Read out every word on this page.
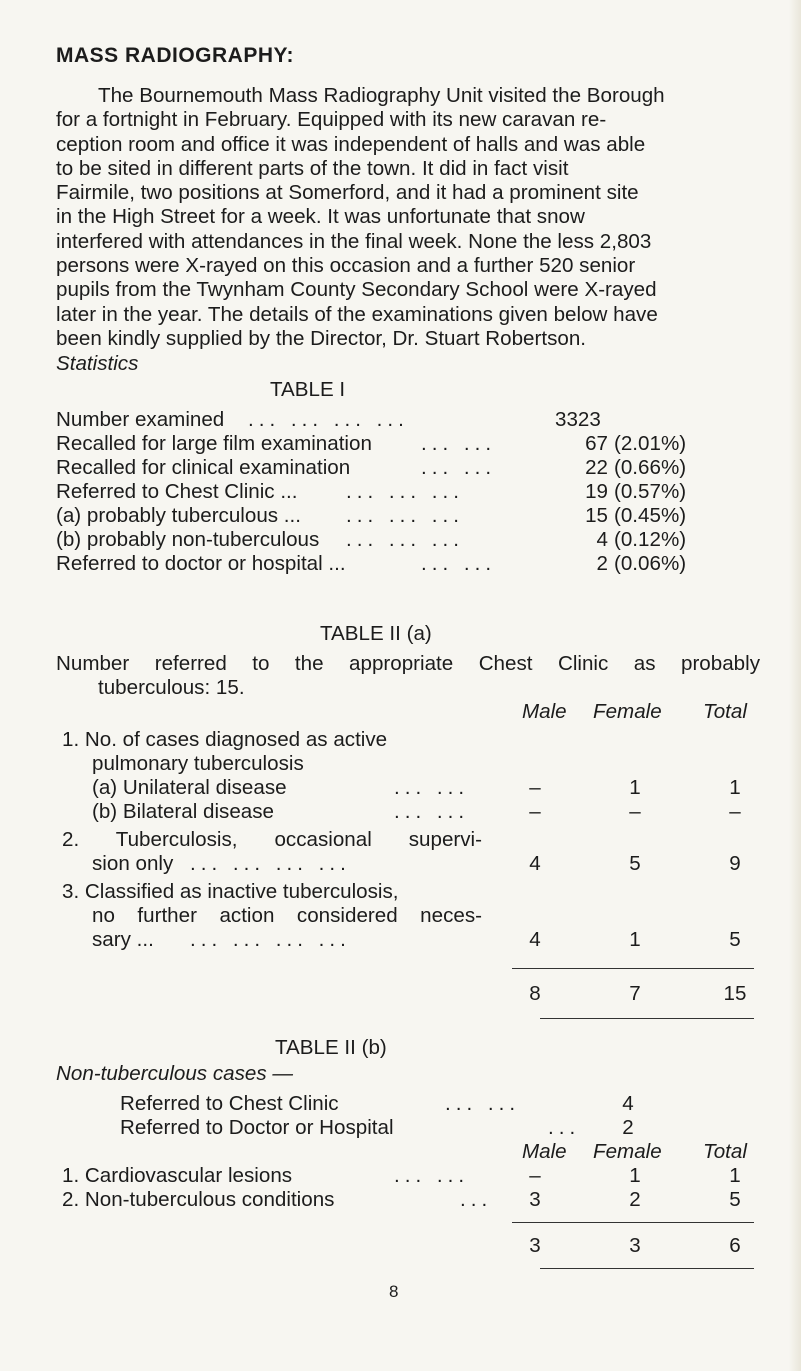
MASS RADIOGRAPHY:
The Bournemouth Mass Radiography Unit visited the Borough
for a fortnight in February. Equipped with its new caravan re-
ception room and office it was independent of halls and was able
to be sited in different parts of the town. It did in fact visit
Fairmile, two positions at Somerford, and it had a prominent site
in the High Street for a week. It was unfortunate that snow
interfered with attendances in the final week. None the less 2,803
persons were X-rayed on this occasion and a further 520 senior
pupils from the Twynham County Secondary School were X-rayed
later in the year. The details of the examinations given below have
been kindly supplied by the Director, Dr. Stuart Robertson.
Statistics
TABLE I
Number examined ... ... ... ...	3323
Recalled for large film examination ... ...	67 (2.01%)
Recalled for clinical examination	... ...	22 (0.66%)
Referred to Chest Clinic ... ... ... ...	19 (0.57%)
(a) probably tuberculous ... ... ... ...	15 (0.45%)
(b) probably non-tuberculous ... ... ...	4 (0.12%)
Referred to doctor or hospital ...	... ...	2 (0.06%)
TABLE II (a)
Number referred to the appropriate Chest Clinic as probably
tuberculous: 15.
Male Female Total
1. No. of cases diagnosed as active
pulmonary tuberculosis
(a) Unilateral disease	... ...	–	1	1
(b) Bilateral disease	... ...	–	–	–
2. Tuberculosis, occasional supervi-
sion only ... ... ... ...	4	5	9
3. Classified as inactive tuberculosis,
no further action considered neces-
sary ... ... ... ... ...	4	1	5
8	7	15
TABLE II (b)
Non-tuberculous cases —
Referred to Chest Clinic	... ...	4
Referred to Doctor or Hospital	...	2
Male Female Total
1. Cardiovascular lesions	... ...	–	1	1
2. Non-tuberculous conditions	...	3	2	5
3	3	6
8
